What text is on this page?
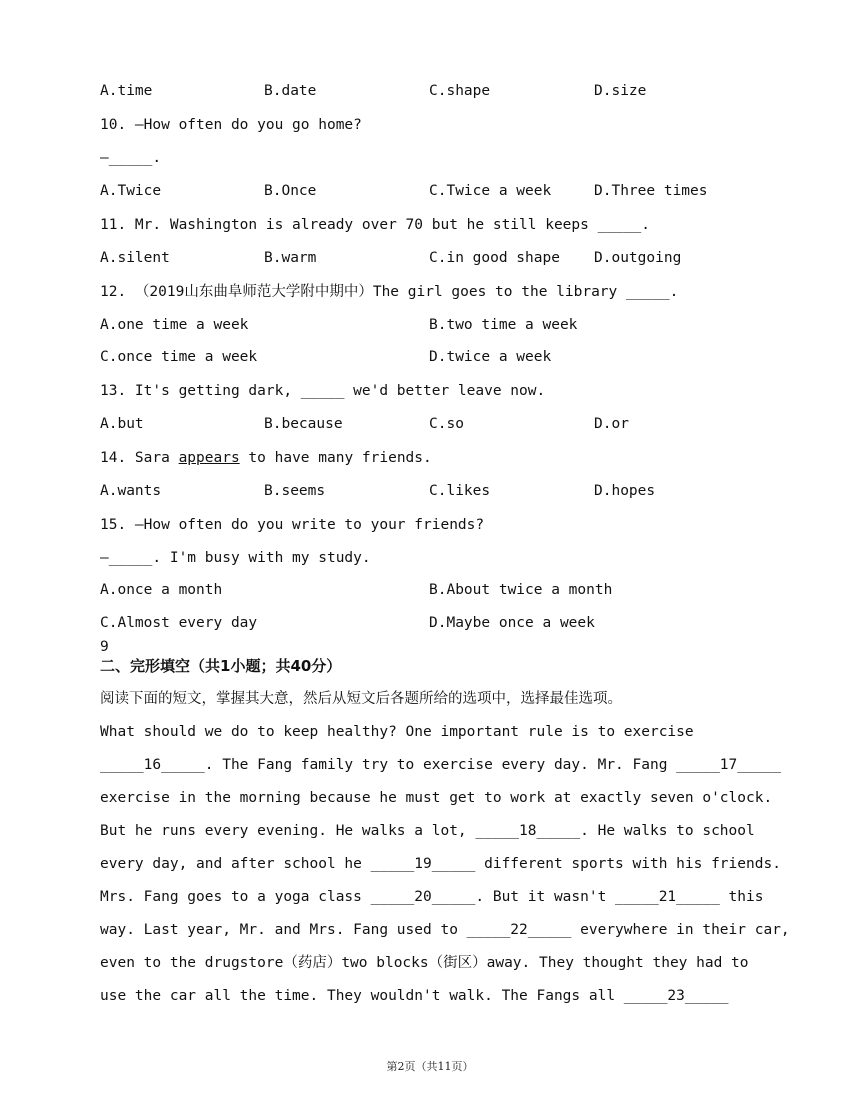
A.time	B.date	C.shape	D.size
10. —How often do you go home?
—_____.
A.Twice	B.Once	C.Twice a week	D.Three times
11. Mr. Washington is already over 70 but he still keeps _____.
A.silent	B.warm	C.in good shape D.outgoing
12. （2019山东曲阜师范大学附中期中）The girl goes to the library _____.
A.one time a week	B.two time a week
C.once time a week	D.twice a week
13. It's getting dark, _____ we'd better leave now.
A.but	B.because	C.so	D.or
14. Sara appears to have many friends.
A.wants	B.seems	C.likes	D.hopes
15. —How often do you write to your friends?
—_____. I'm busy with my study.
A.once a month	B.About twice a month
C.Almost every day	D.Maybe once a week
9
二、完形填空（共1小题；共40分）
阅读下面的短文，掌握其大意，然后从短文后各题所给的选项中，选择最佳选项。
What should we do to keep healthy? One important rule is to exercise
_____16_____. The Fang family try to exercise every day. Mr. Fang _____17_____
exercise in the morning because he must get to work at exactly seven o'clock.
But he runs every evening. He walks a lot, _____18_____. He walks to school
every day, and after school he _____19_____ different sports with his friends.
Mrs. Fang goes to a yoga class _____20_____. But it wasn't _____21_____ this
way. Last year, Mr. and Mrs. Fang used to _____22_____ everywhere in their car,
even to the drugstore（药店）two blocks（街区）away. They thought they had to
use the car all the time. They wouldn't walk. The Fangs all _____23_____
第2页（共11页）
